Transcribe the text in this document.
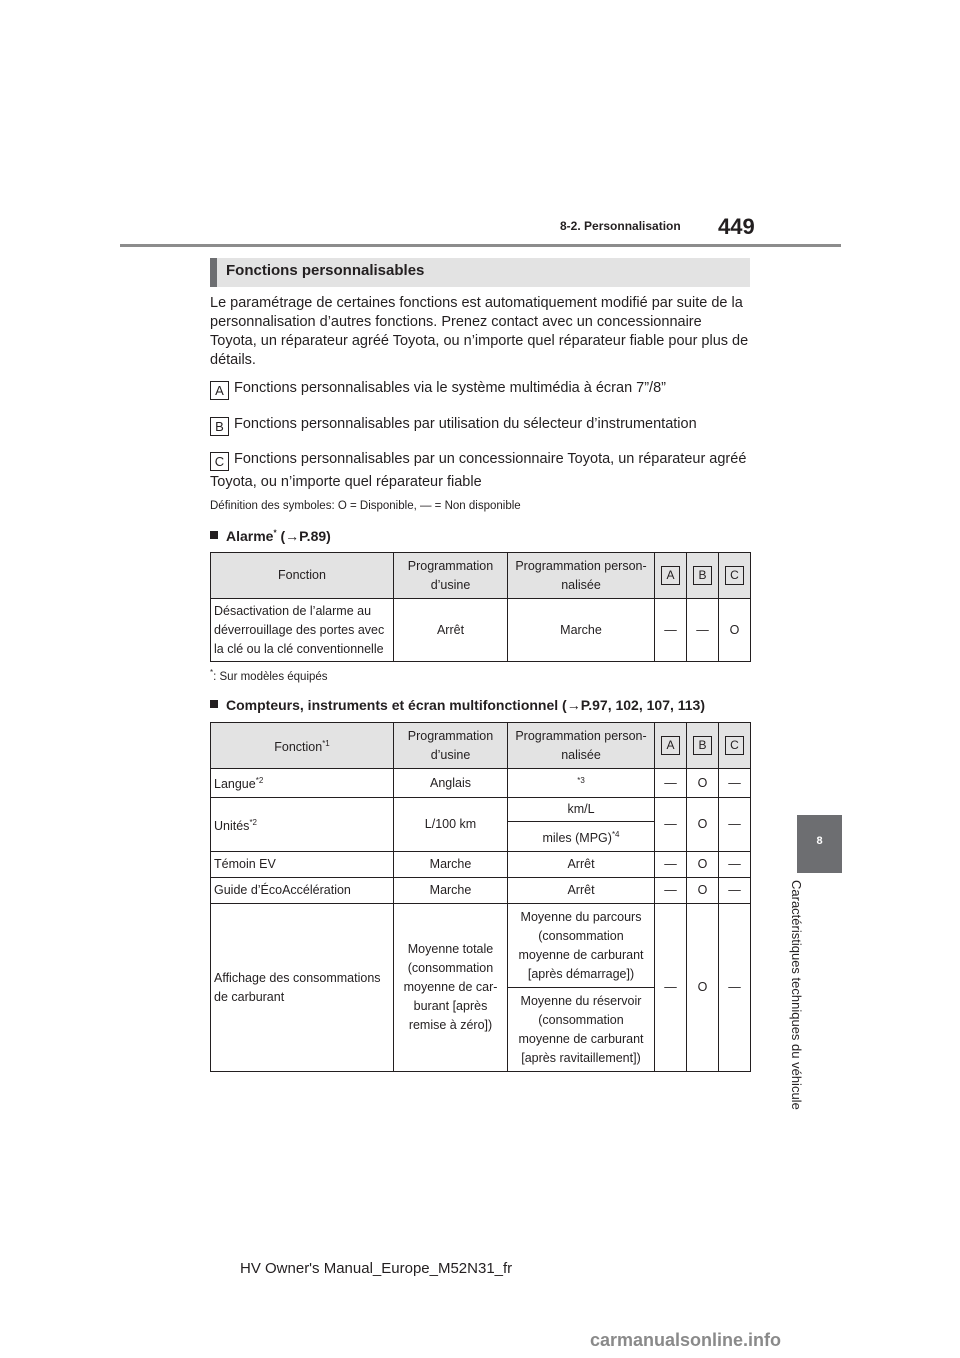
8-2. Personnalisation 449
8
Caractéristiques techniques du véhicule
Fonctions personnalisables
Le paramétrage de certaines fonctions est automatiquement modifié par suite de la personnalisation d’autres fonctions. Prenez contact avec un concessionnaire Toyota, un réparateur agréé Toyota, ou n’importe quel réparateur fiable pour plus de détails.
A Fonctions personnalisables via le système multimédia à écran 7”/8”
B Fonctions personnalisables par utilisation du sélecteur d’instrumentation
C Fonctions personnalisables par un concessionnaire Toyota, un réparateur agréé
Toyota, ou n’importe quel réparateur fiable
Définition des symboles: O = Disponible, — = Non disponible
Alarme* (→P.89)
Fonction	Programmation d’usine	Programmation person-nalisée	A	B	C
Désactivation de l’alarme au déverrouillage des portes avec la clé ou la clé conventionnelle	Arrêt	Marche	—	—	O
*: Sur modèles équipés
Compteurs, instruments et écran multifonctionnel (→P.97, 102, 107, 113)
Fonction$^{*1}$	Programmation d’usine	Programmation person-nalisée	A	B	C
Langue$^{*2}$	Anglais	$^{*3}$	—	O	—
Unités$^{*2}$	L/100 km	km/L	—	O	—
		miles (MPG)$^{*4}$
Témoin EV	Marche	Arrêt	—	O	—
Guide d’ÉcoAccélération	Marche	Arrêt	—	O	—
Affichage des consommations de carburant	Moyenne totale (consommation moyenne de car-burant [après remise à zéro])	Moyenne du parcours (consommation moyenne de carburant [après démarrage])	—	O	—
		Moyenne du réservoir (consommation moyenne de carburant [après ravitaillement])			
HV Owner's Manual_Europe_M52N31_fr
carmanualsonline.info
